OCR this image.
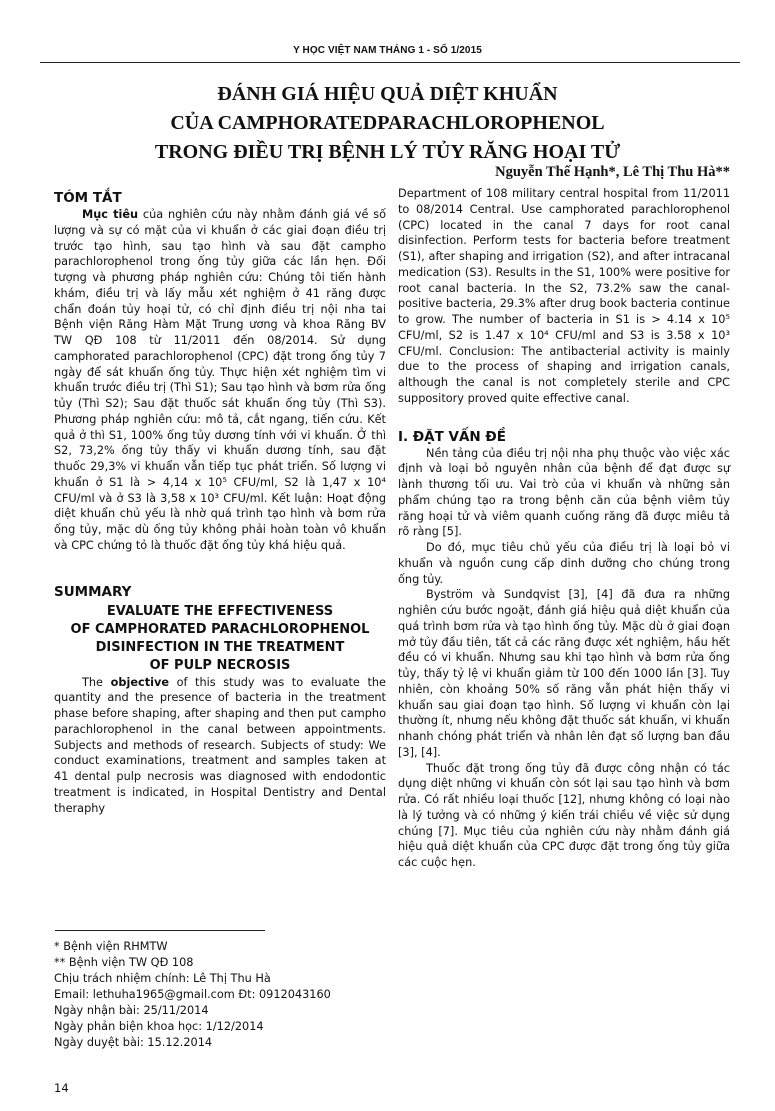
Y HỌC VIỆT NAM THÁNG 1 - SỐ 1/2015
ĐÁNH GIÁ HIỆU QUẢ DIỆT KHUẨN
CỦA CAMPHORATEDPARACHLOROPHENOL
TRONG ĐIỀU TRỊ BỆNH LÝ TỦY RĂNG HOẠI TỬ
Nguyễn Thế Hạnh*, Lê Thị Thu Hà**
TÓM TẮT

Mục tiêu của nghiên cứu này nhằm đánh giá về số lượng và sự có mặt của vi khuẩn ở các giai đoạn điều trị trước tạo hình, sau tạo hình và sau đặt campho parachlorophenol trong ống tủy giữa các lần hẹn. Đối tượng và phương pháp nghiên cứu: Chúng tôi tiến hành khám, điều trị và lấy mẫu xét nghiệm ở 41 răng được chẩn đoán tủy hoại tử, có chỉ định điều trị nội nha tai Bệnh viện Răng Hàm Mặt Trung ương và khoa Răng BV TW QĐ 108 từ 11/2011 đến 08/2014. Sử dụng camphorated parachlorophenol (CPC) đặt trong ống tủy 7 ngày để sát khuẩn ống tủy. Thực hiện xét nghiệm tìm vi khuẩn trước điều trị (Thì S1); Sau tạo hình và bơm rửa ống tủy (Thì S2); Sau đặt thuốc sát khuẩn ống tủy (Thì S3). Phương pháp nghiên cứu: mô tả, cắt ngang, tiến cứu. Kết quả ở thì S1, 100% ống tủy dương tính với vi khuẩn. Ở thì S2, 73,2% ống tủy thấy vi khuẩn dương tính, sau đặt thuốc 29,3% vi khuẩn vẫn tiếp tục phát triển. Số lượng vi khuẩn ở S1 là > 4,14 x 10⁵ CFU/ml, S2 là 1,47 x 10⁴ CFU/ml và ở S3 là 3,58 x 10³ CFU/ml. Kết luận: Hoạt động diệt khuẩn chủ yếu là nhờ quá trình tạo hình và bơm rửa ống tủy, mặc dù ống tủy không phải hoàn toàn vô khuẩn và CPC chứng tỏ là thuốc đặt ống tủy khá hiệu quả.

SUMMARY
EVALUATE THE EFFECTIVENESS
OF CAMPHORATED PARACHLOROPHENOL
DISINFECTION IN THE TREATMENT
OF PULP NECROSIS

The objective of this study was to evaluate the quantity and the presence of bacteria in the treatment phase before shaping, after shaping and then put campho parachlorophenol in the canal between appointments. Subjects and methods of research. Subjects of study: We conduct examinations, treatment and samples taken at 41 dental pulp necrosis was diagnosed with endodontic treatment is indicated, in Hospital Dentistry and Dental theraphy

* Bệnh viện RHMTW
** Bệnh viện TW QĐ 108
Chịu trách nhiệm chính: Lê Thị Thu Hà
Email: lethuha1965@gmail.com Đt: 0912043160
Ngày nhận bài: 25/11/2014
Ngày phản biện khoa học: 1/12/2014
Ngày duyệt bài: 15.12.2014
14

Department of 108 military central hospital from 11/2011 to 08/2014 Central. Use camphorated parachlorophenol (CPC) located in the canal 7 days for root canal disinfection. Perform tests for bacteria before treatment (S1), after shaping and irrigation (S2), and after intracanal medication (S3). Results in the S1, 100% were positive for root canal bacteria. In the S2, 73.2% saw the canal-positive bacteria, 29.3% after drug book bacteria continue to grow. The number of bacteria in S1 is > 4.14 x 10⁵ CFU/ml, S2 is 1.47 x 10⁴ CFU/ml and S3 is 3.58 x 10³ CFU/ml. Conclusion: The antibacterial activity is mainly due to the process of shaping and irrigation canals, although the canal is not completely sterile and CPC suppository proved quite effective canal.

I. ĐẶT VẤN ĐỀ

Nền tảng của điều trị nội nha phụ thuộc vào việc xác định và loại bỏ nguyên nhân của bệnh để đạt được sự lành thương tối ưu. Vai trò của vi khuẩn và những sản phẩm chúng tạo ra trong bệnh căn của bệnh viêm tủy răng hoại tử và viêm quanh cuống răng đã được miêu tả rõ ràng [5].

Do đó, mục tiêu chủ yếu của điều trị là loại bỏ vi khuẩn và nguồn cung cấp dinh dưỡng cho chúng trong ống tủy.

Byström và Sundqvist [3], [4] đã đưa ra những nghiên cứu bước ngoặt, đánh giá hiệu quả diệt khuẩn của quá trình bơm rửa và tạo hình ống tủy. Mặc dù ở giai đoạn mở tủy đầu tiên, tất cả các răng được xét nghiệm, hầu hết đều có vi khuẩn. Nhưng sau khi tạo hình và bơm rửa ống tủy, thấy tỷ lệ vi khuẩn giảm từ 100 đến 1000 lần [3]. Tuy nhiên, còn khoảng 50% số răng vẫn phát hiện thấy vi khuẩn sau giai đoạn tạo hình. Số lượng vi khuẩn còn lại thường ít, nhưng nếu không đặt thuốc sát khuẩn, vi khuẩn nhanh chóng phát triển và nhân lên đạt số lượng ban đầu [3], [4].

Thuốc đặt trong ống tủy đã được công nhận có tác dụng diệt những vi khuẩn còn sót lại sau tạo hình và bơm rửa. Có rất nhiều loại thuốc [12], nhưng không có loại nào là lý tưởng và có những ý kiến trái chiều về việc sử dụng chúng [7]. Mục tiêu của nghiên cứu này nhằm đánh giá hiệu quả diệt khuẩn của CPC được đặt trong ống tủy giữa các cuộc hẹn.
